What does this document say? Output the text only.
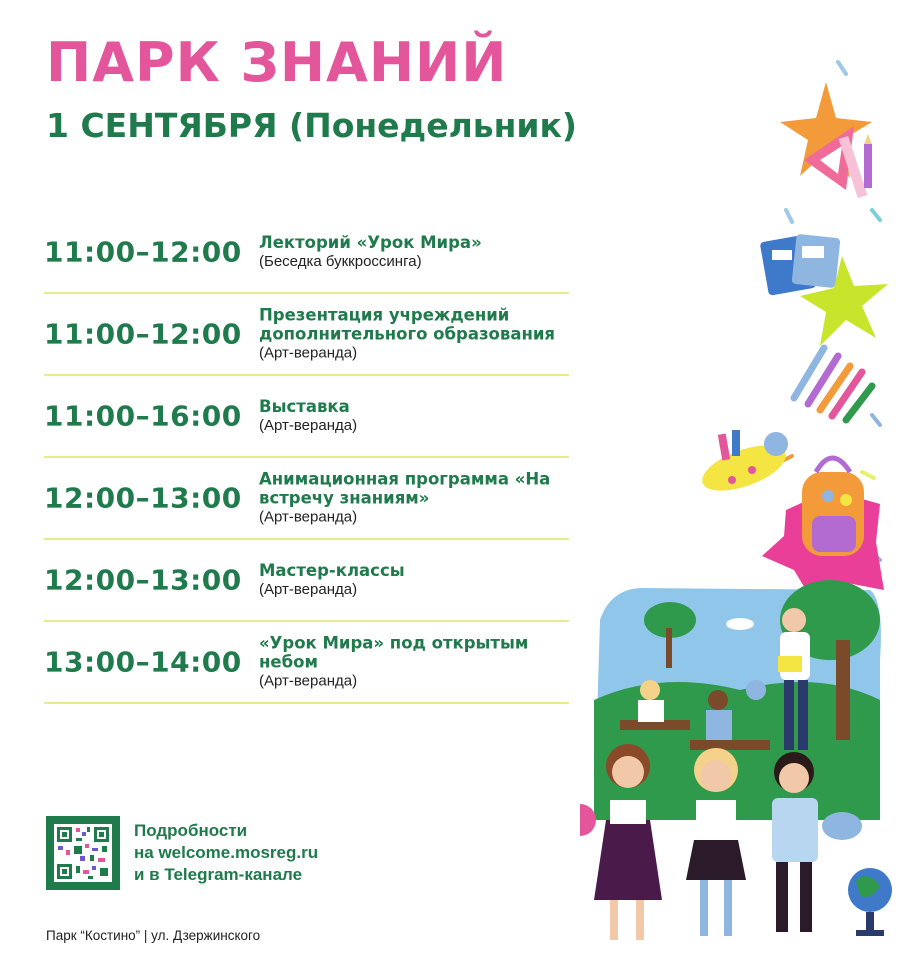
ПАРК ЗНАНИЙ
1 СЕНТЯБРЯ (Понедельник)
11:00–12:00 Лекторий «Урок Мира»
(Беседка буккроссинга)
11:00–12:00
Презентация учреждений дополнительного образования
(Арт-веранда)
11:00–16:00 Выставка
(Арт-веранда)
12:00–13:00
Анимационная программа «На встречу знаниям»
(Арт-веранда)
12:00–13:00 Мастер-классы
(Арт-веранда)
13:00–14:00
«Урок Мира» под открытым небом
(Арт-веранда)
Подробности
на welcome.mosreg.ru
и в Telegram-канале
Парк “Костино” | ул. Дзержинского
